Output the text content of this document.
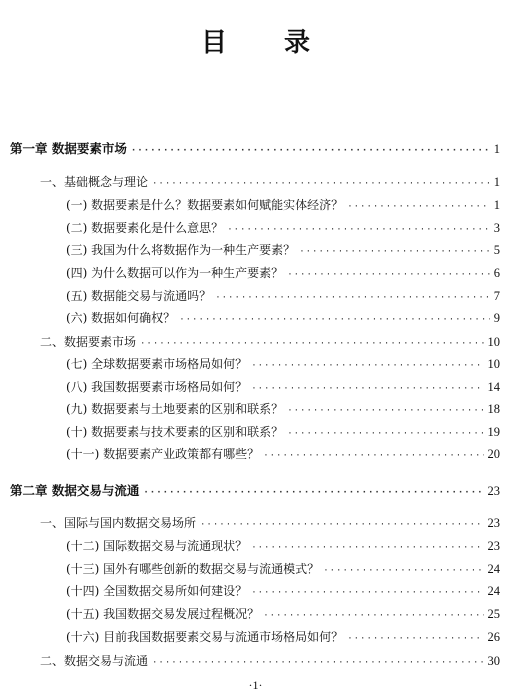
目 录
第一章 数据要素市场 ·····	1
一、基础概念与理论 ·····	1
(一) 数据要素是什么？数据要素如何赋能实体经济？ ·····	1
(二) 数据要素化是什么意思？ ·····	3
(三) 我国为什么将数据作为一种生产要素？ ·····	5
(四) 为什么数据可以作为一种生产要素？ ·····	6
(五) 数据能交易与流通吗？ ·····	7
(六) 数据如何确权？ ·····	9
二、数据要素市场 ·····	10
(七) 全球数据要素市场格局如何？ ·····	10
(八) 我国数据要素市场格局如何？ ·····	14
(九) 数据要素与土地要素的区别和联系？ ·····	18
(十) 数据要素与技术要素的区别和联系？ ·····	19
(十一) 数据要素产业政策都有哪些？ ·····	20
第二章 数据交易与流通 ·····	23
一、国际与国内数据交易场所 ·····	23
(十二) 国际数据交易与流通现状？ ·····	23
(十三) 国外有哪些创新的数据交易与流通模式？ ·····	24
(十四) 全国数据交易所如何建设？ ·····	24
(十五) 我国数据交易发展过程概况？ ·····	25
(十六) 目前我国数据要素交易与流通市场格局如何？ ·····	26
二、数据交易与流通 ·····	30
·1·
